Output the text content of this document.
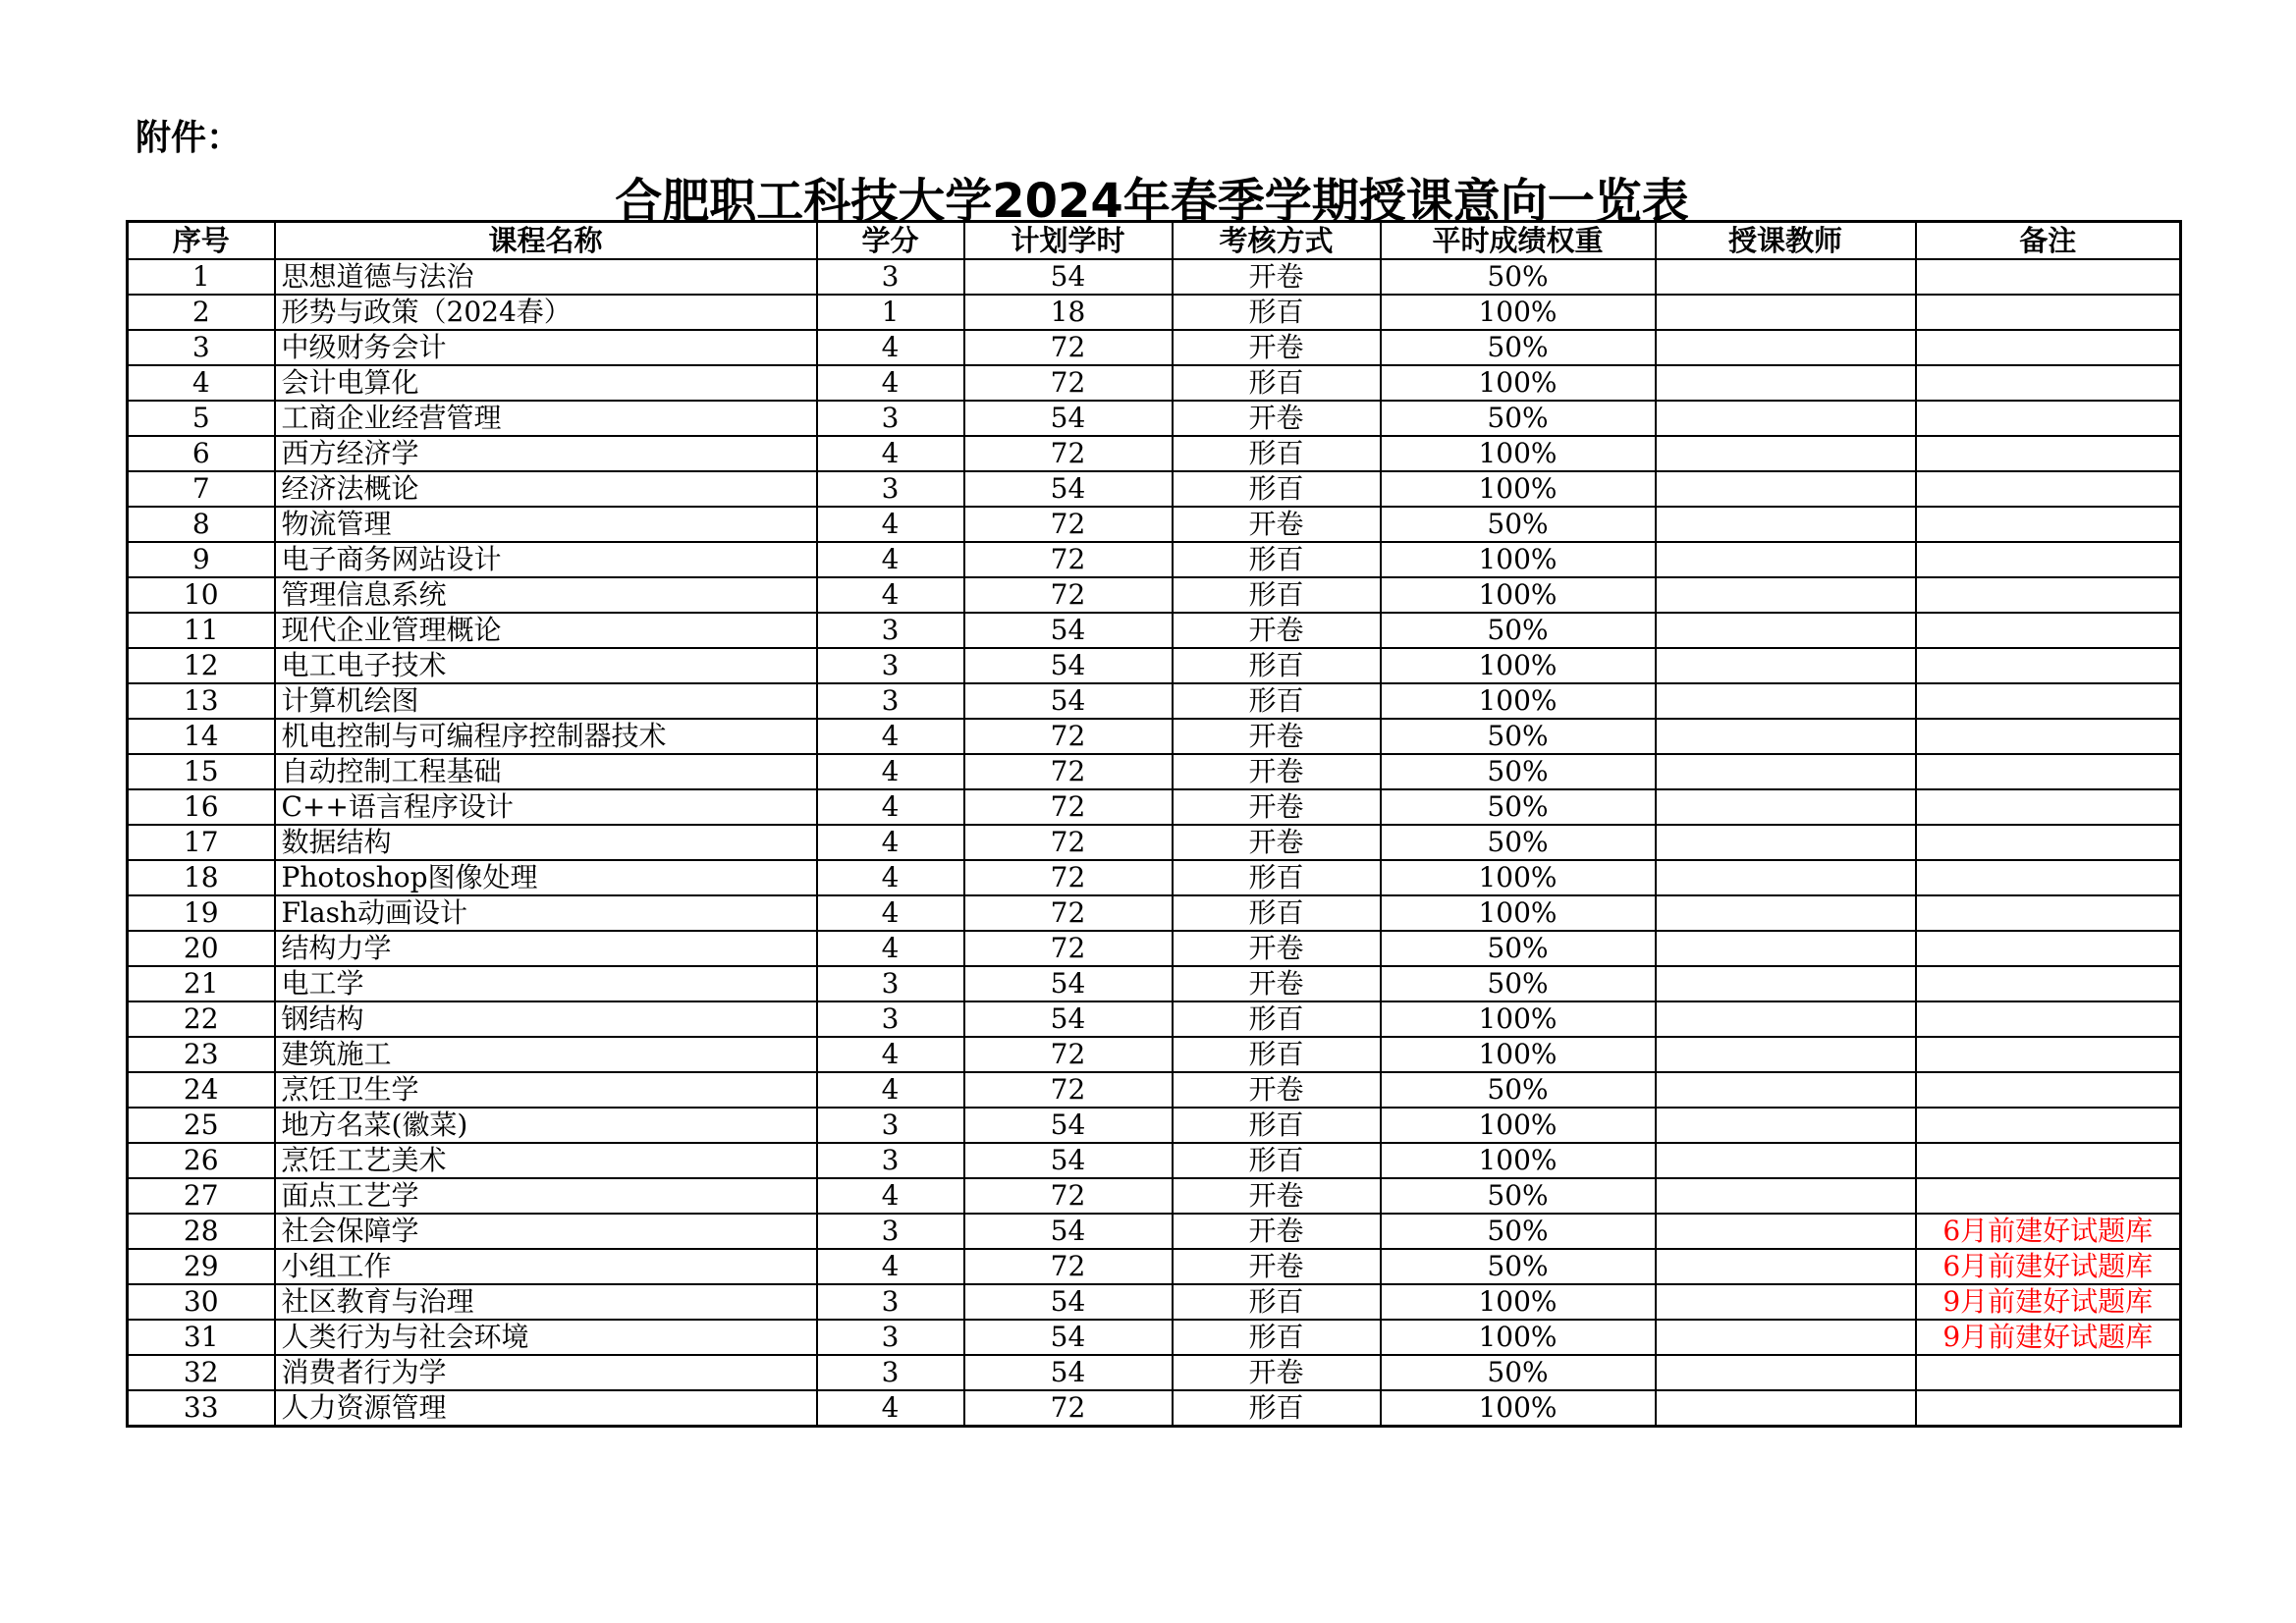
附件：
合肥职工科技大学2024年春季学期授课意向一览表
序号	课程名称	学分	计划学时	考核方式	平时成绩权重	授课教师	备注
1	思想道德与法治	3	54	开卷	50%		
2	形势与政策（2024春）	1	18	形百	100%		
3	中级财务会计	4	72	开卷	50%		
4	会计电算化	4	72	形百	100%		
5	工商企业经营管理	3	54	开卷	50%		
6	西方经济学	4	72	形百	100%		
7	经济法概论	3	54	形百	100%		
8	物流管理	4	72	开卷	50%		
9	电子商务网站设计	4	72	形百	100%		
10	管理信息系统	4	72	形百	100%		
11	现代企业管理概论	3	54	开卷	50%		
12	电工电子技术	3	54	形百	100%		
13	计算机绘图	3	54	形百	100%		
14	机电控制与可编程序控制器技术	4	72	开卷	50%		
15	自动控制工程基础	4	72	开卷	50%		
16	C++语言程序设计	4	72	开卷	50%		
17	数据结构	4	72	开卷	50%		
18	Photoshop图像处理	4	72	形百	100%		
19	Flash动画设计	4	72	形百	100%		
20	结构力学	4	72	开卷	50%		
21	电工学	3	54	开卷	50%		
22	钢结构	3	54	形百	100%		
23	建筑施工	4	72	形百	100%		
24	烹饪卫生学	4	72	开卷	50%		
25	地方名菜(徽菜)	3	54	形百	100%		
26	烹饪工艺美术	3	54	形百	100%		
27	面点工艺学	4	72	开卷	50%		
28	社会保障学	3	54	开卷	50%		6月前建好试题库
29	小组工作	4	72	开卷	50%		6月前建好试题库
30	社区教育与治理	3	54	形百	100%		9月前建好试题库
31	人类行为与社会环境	3	54	形百	100%		9月前建好试题库
32	消费者行为学	3	54	开卷	50%		
33	人力资源管理	4	72	形百	100%		
